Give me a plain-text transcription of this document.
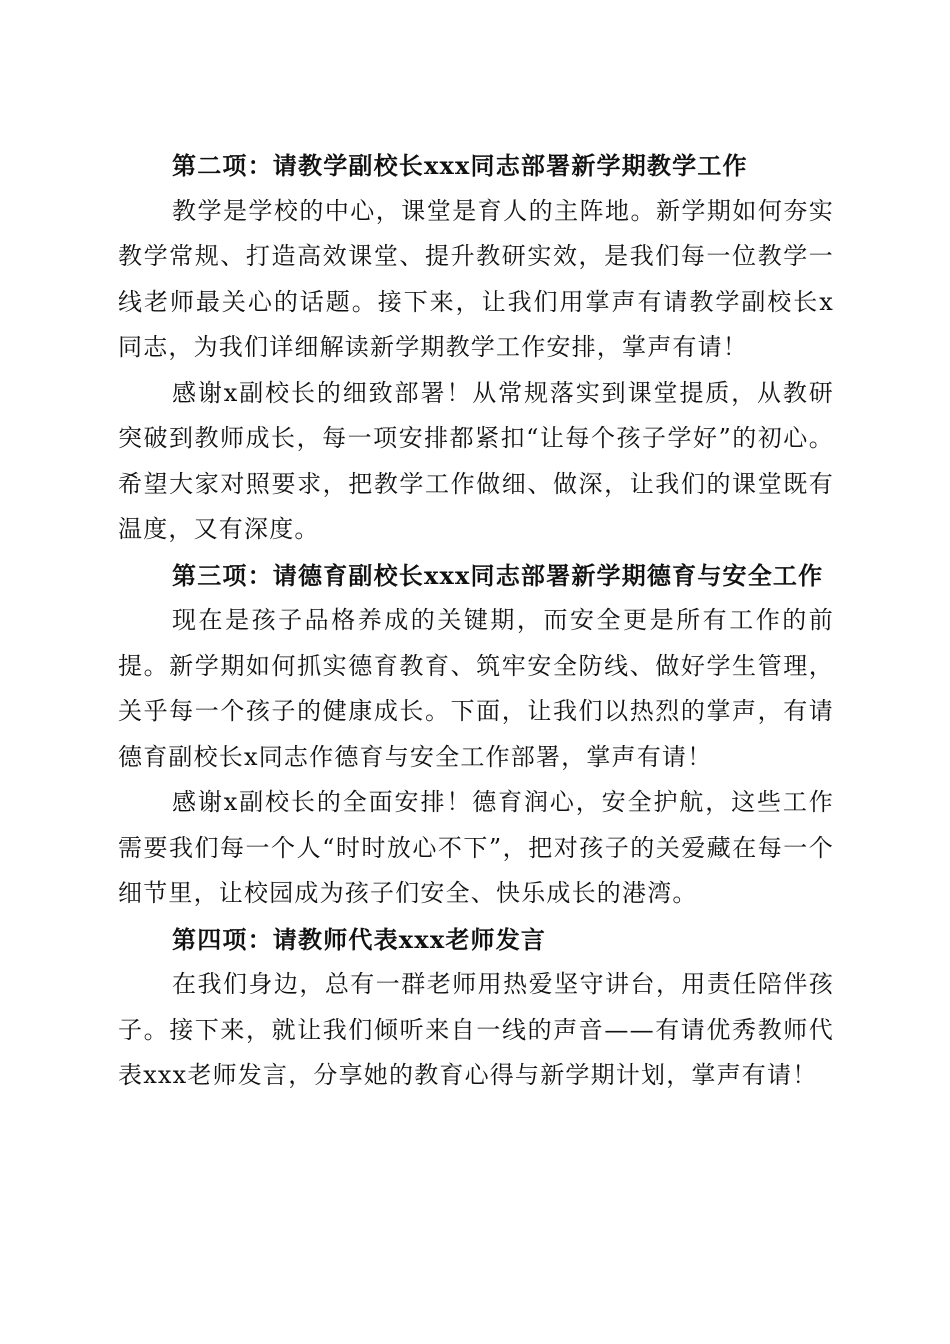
第二项：请教学副校长xxx同志部署新学期教学工作

教学是学校的中心，课堂是育人的主阵地。新学期如何夯实教学常规、打造高效课堂、提升教研实效，是我们每一位教学一线老师最关心的话题。接下来，让我们用掌声有请教学副校长x同志，为我们详细解读新学期教学工作安排，掌声有请！

感谢x副校长的细致部署！从常规落实到课堂提质，从教研突破到教师成长，每一项安排都紧扣“让每个孩子学好”的初心。希望大家对照要求，把教学工作做细、做深，让我们的课堂既有温度，又有深度。

第三项：请德育副校长xxx同志部署新学期德育与安全工作

现在是孩子品格养成的关键期，而安全更是所有工作的前提。新学期如何抓实德育教育、筑牢安全防线、做好学生管理，关乎每一个孩子的健康成长。下面，让我们以热烈的掌声，有请德育副校长x同志作德育与安全工作部署，掌声有请！

感谢x副校长的全面安排！德育润心，安全护航，这些工作需要我们每一个人“时时放心不下”，把对孩子的关爱藏在每一个细节里，让校园成为孩子们安全、快乐成长的港湾。

第四项：请教师代表xxx老师发言

在我们身边，总有一群老师用热爱坚守讲台，用责任陪伴孩子。接下来，就让我们倾听来自一线的声音——有请优秀教师代表xxx老师发言，分享她的教育心得与新学期计划，掌声有请！
